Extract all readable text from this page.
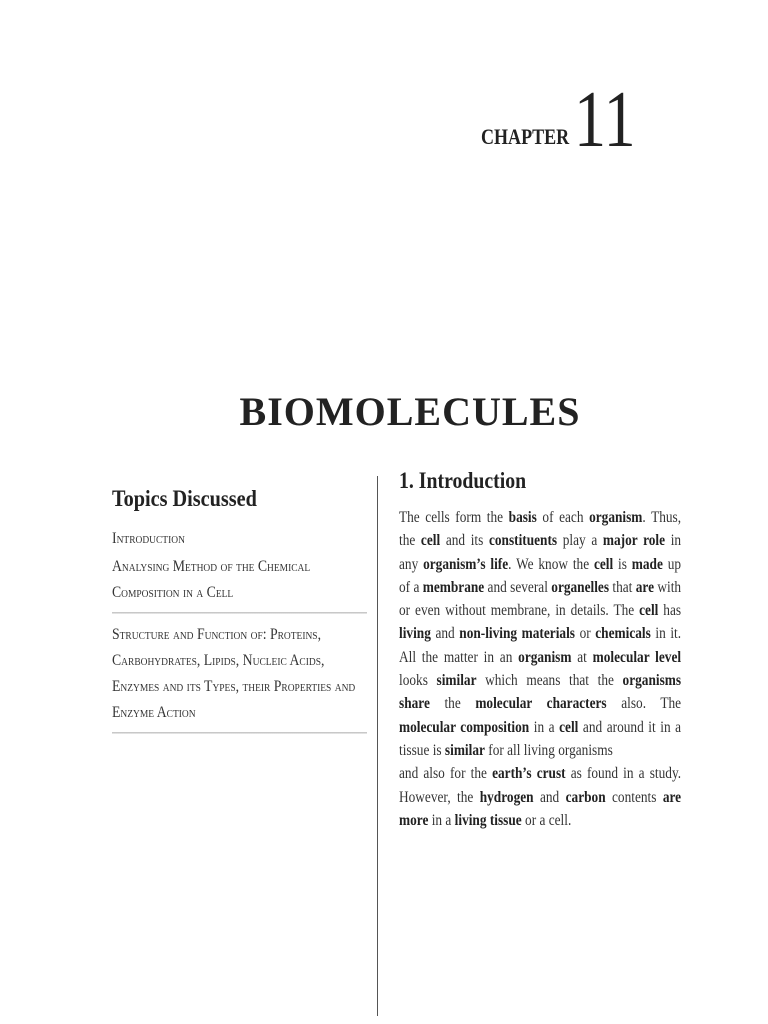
CHAPTER 11
BIOMOLECULES
Topics Discussed
Introduction
Analysing Method of the Chemical Composition in a Cell
Structure and Function of: Proteins, Carbohydrates, Lipids, Nucleic Acids, Enzymes and its Types, their Properties and Enzyme Action
1. Introduction
The cells form the basis of each organism. Thus, the cell and its constituents play a major role in any organism’s life. We know the cell is made up of a membrane and several organelles that are with or even without membrane, in details. The cell has living and non-living materials or chemicals in it. All the matter in an organism at molecular level looks similar which means that the organisms share the molecular characters also. The molecular composition in a cell and around it in a tissue is similar for all living organisms
and also for the earth’s crust as found in a study. However, the hydrogen and carbon contents are more in a living tissue or a cell.
